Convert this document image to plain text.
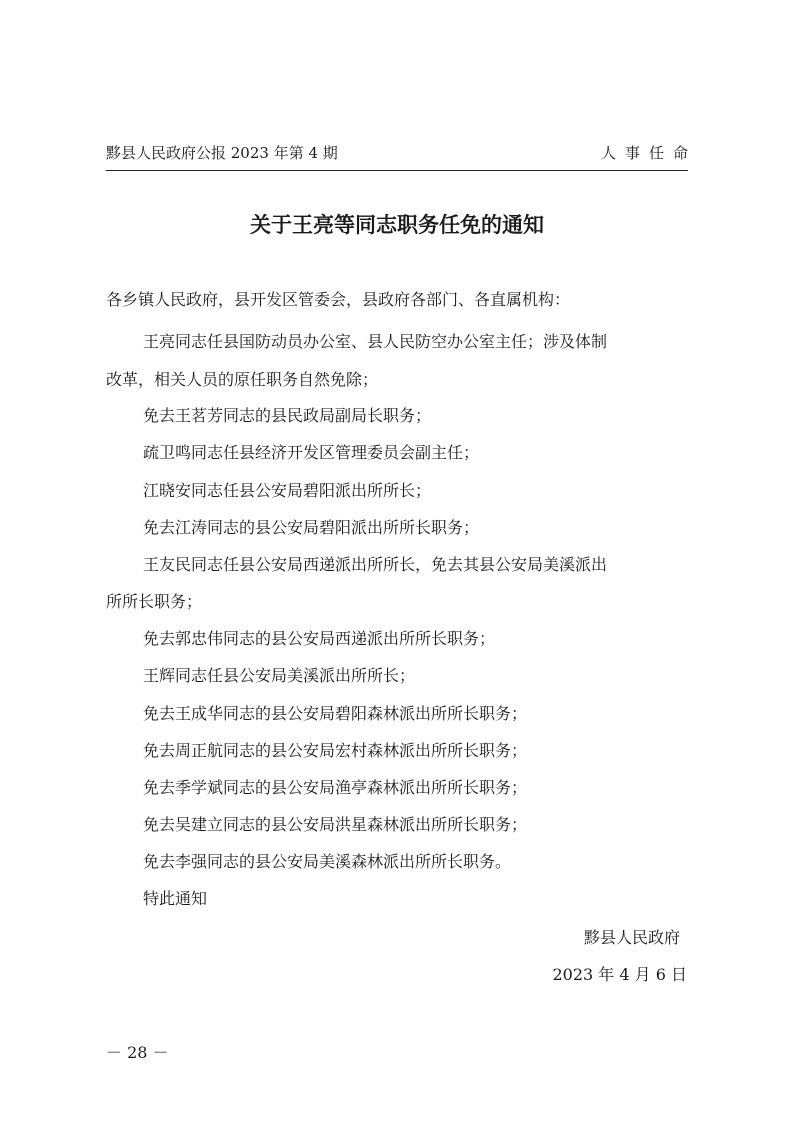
黟县人民政府公报 2023 年第 4 期	人事任命
关于王亮等同志职务任免的通知
各乡镇人民政府，县开发区管委会，县政府各部门、各直属机构：
王亮同志任县国防动员办公室、县人民防空办公室主任；涉及体制
改革，相关人员的原任职务自然免除；
免去王茗芳同志的县民政局副局长职务；
疏卫鸣同志任县经济开发区管理委员会副主任；
江晓安同志任县公安局碧阳派出所所长；
免去江涛同志的县公安局碧阳派出所所长职务；
王友民同志任县公安局西递派出所所长，免去其县公安局美溪派出
所所长职务；
免去郭忠伟同志的县公安局西递派出所所长职务；
王辉同志任县公安局美溪派出所所长；
免去王成华同志的县公安局碧阳森林派出所所长职务；
免去周正航同志的县公安局宏村森林派出所所长职务；
免去季学斌同志的县公安局渔亭森林派出所所长职务；
免去吴建立同志的县公安局洪星森林派出所所长职务；
免去李强同志的县公安局美溪森林派出所所长职务。
特此通知
黟县人民政府
2023 年 4 月 6 日
－ 28 －
